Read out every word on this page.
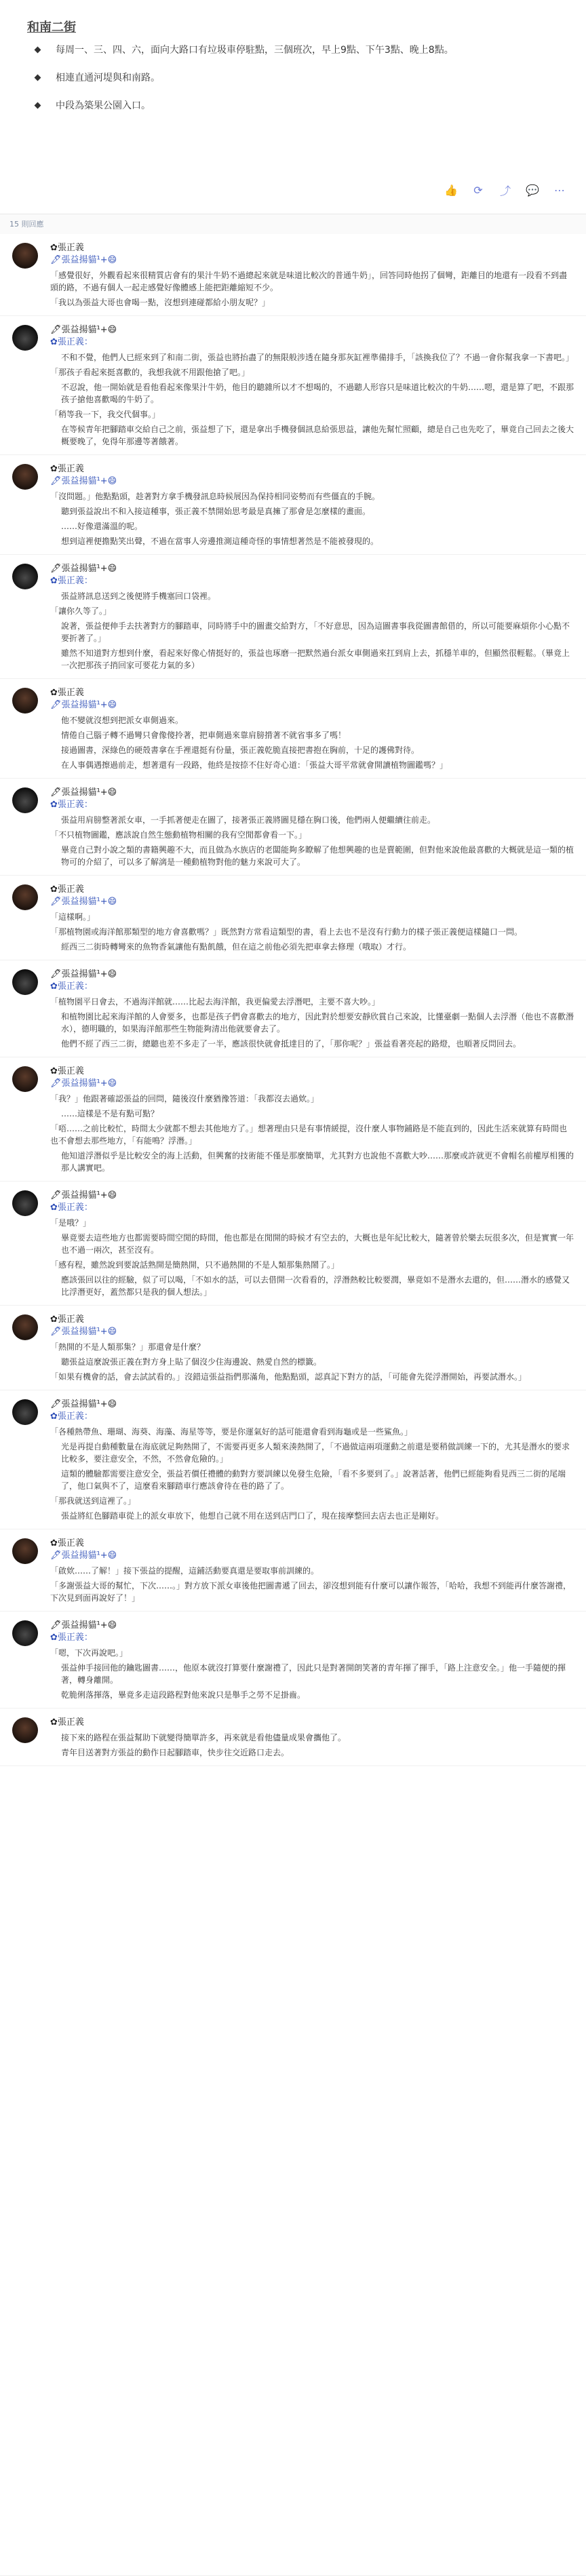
和南二街
每周一、三、四、六，面向大路口有垃圾車停駐點，三個班次，早上9點、下午3點、晚上8點。
相連直通河堤與和南路。
中段為築果公園入口。
👍	⟳	⤴	💬	⋯
15 則回應
✿張正義
🖋張益揚貓¹+😄
「感覺很好，外觀看起來很精質店會有的果汁牛奶不過總起來就是味道比較次的普通牛奶」，回答同時他拐了個彎，距離目的地還有一段看不到盡頭的路，不過有個人一起走感覺好像體感上能把距離縮短不少。
「我以為張益大哥也會喝一點，沒想到連碰都給小朋友呢？」
🖋張益揚貓¹+😄
✿張正義：
不和不覺，他們人已經來到了和南二街，張益也將抬盡了的無限般涉透在隨身那灰缸裡準備排手，「該換我位了？不過一會你幫我拿一下書吧。」
「那孩子看起來挺喜歡的，我想我就不用跟他搶了吧。」
不忍說，他一開始就是看他看起來像果汁牛奶，他目的聽雜所以才不想喝的，不過聽人形容只是味道比較次的牛奶……嗯，還是算了吧，不跟那孩子搶他喜歡喝的牛奶了。
「稍等我一下，我交代個事。」
在等候青年把腳踏車交給自己之前，張益想了下，還是拿出手機發個訊息給張思益，讓他先幫忙照顧，總是自己也先吃了，畢竟自己回去之後大概要晚了，免得年那邊等著餓著。
✿張正義
🖋張益揚貓¹+😄
「沒問題。」他點點頭，趁著對方拿手機發訊息時候展因為保持相同姿勢而有些僵直的手腕。
聽到張益說出不和入接這種事，張正義不禁開始思考最是真擁了那會是怎麼樣的畫面。
……好像還滿溫的呢。
想到這裡便擔點笑出聲，不過在當事人旁邊推測這種奇怪的事情想著然是不能被發現的。
🖋張益揚貓¹+😄
✿張正義：
張益將訊息送到之後便將手機塞回口袋裡。
「讓你久等了。」
說著，張益便伸手去扶著對方的腳踏車，同時將手中的圖畫交給對方，「不好意思，因為這圖書事我從圖書館借的，所以可能要麻煩你小心點不要折著了。」
雖然不知道對方想到什麼，看起來好像心情挺好的，張益也琢磨一把默然過台派女車側過來扛到肩上去，抓穩羊車的，但顯然很輕鬆。（畢竟上一次把那孩子捎回家可要花力氣的多）
✿張正義
🖋張益揚貓¹+😄
他不變就沒想到把派女車側過來。
情倦自己腦子轉不過彎只會像傻拎著，把車側過來靠肩膀揹著不就省事多了嗎！
接過圖書，深綠色的硬殼書拿在手裡還挺有份量，張正義乾脆直接把書抱在胸前，十足的護佛對待。
在人事偶遇擦過前走，想著還有一段路，他終是按捺不住好奇心道：「張益大哥平常就會開讀植物圖鑑嗎？」
🖋張益揚貓¹+😄
✿張正義：
張益用肩膀整著派女車，一手抓著便走在圖了，接著張正義將圖見穩在胸口後，他們兩人便繼續往前走。
「不只植物圖鑑，應該說自然生態動植物相關的我有空閒都會看一下。」
畢竟自己對小說之類的書籍興趣不大，而且做為水族店的老闆能夠多瞭解了他想興趣的也是賣範圍，但對他來說他最喜歡的大概就是這一類的植物可的介紹了，可以多了解漓是一種動植物對他的魅力來說可大了。
✿張正義
🖋張益揚貓¹+😄
「這樣啊。」
「那植物園或海洋館那類型的地方會喜歡嗎？」既然對方常看這類型的書，看上去也不是沒有行動力的樣子張正義便這樣隨口一問。
經西三二街時轉彎來的魚物香氣讓他有點飢餓，但在這之前他必須先把車拿去修理（哦取）才行。
🖋張益揚貓¹+😄
✿張正義：
「植物園平日會去，不過海洋館就……比起去海洋館，我更偏愛去浮潛吧，主要不喜大吵。」
和植物園比起來海洋館的人會要多，也都是孩子們會喜歡去的地方，因此對於想要安靜欣賞自己來說，比懂臺劇一點個人去浮潛（他也不喜歡潛水），德明職的，如果海洋館那些生物能夠清出他就要會去了。
他們不經了西三二街，總聽也差不多走了一半，應該很快就會抵達目的了，「那你呢？」張益看著亮起的路燈，也順著反問回去。
✿張正義
🖋張益揚貓¹+😄
「我？」他跟著確認張益的回問，隨後沒什麼猶豫答道：「我都沒去過欸。」
……這樣是不是有點可點？
「唔……之前比較忙，時間太少就都不想去其他地方了。」想著理由只是有事情緩提，沒什麼人事物鋪路是不能直到的，因此生活來就算有時間也也不會想去那些地方，「有能鳴？浮潛。」
他知道浮潛似乎是比較安全的海上活動，但興奮的技術能不僅是那麼簡單，尤其對方也說他不喜歡大吵……那麼或許就更不會帽名前權厚相獲的那人講實吧。
🖋張益揚貓¹+😄
✿張正義：
「是哦？」
畢竟要去這些地方也都需要時間空閒的時間，他也都是在閒開的時候才有空去的，大概也是年紀比較大，隨著曾於樂去玩很多次，但是實實一年也不過一兩次，甚至沒有。
「感有程，雖然說到要說話熟開是簡熱開，只不過熱開的不是人類那集熱鬧了。」
應該張回以往的經驗，似了可以喝，「不如水的話，可以去借開一次看看的，浮潛熱較比較要潤，畢竟如不是潛水去還的，但……潛水的感覺又比浮潛更好，蓋然都只是我的個人想法。」
✿張正義
🖋張益揚貓¹+😄
「熱開的不是人類那集？」那還會是什麼？
聽張益這麼說張正義在對方身上貼了個沒少住海邊說、熱愛自然的標籤。
「如果有機會的話，會去試試看的。」沒錯這張益指們那滿角，他點點頭，認真記下對方的話，「可能會先從浮潛開始，再要試潛水。」
🖋張益揚貓¹+😄
✿張正義：
「各種熱帶魚、珊瑚、海葵、海藻、海星等等，要是你運氣好的話可能還會看到海龜或是一些鯊魚。」
光是再提自動種數量在海底就足夠熱開了，不需要再更多人類來湊熱開了，「不過做這兩項運動之前還是要稍做訓練一下的，尤其是潛水的要求比較多，要注意安全，不然，不然會危險的。」
這類的體驗都需要注意安全，張益若價任禮體的動對方要訓練以免發生危險，「看不多要到了。」說著話著，他們已經能夠看見西三二街的尾端了，他口氣與不了，這麼看來腳踏車行應該會待在巷的路了了。
「那我就送到這裡了。」
張益將紅色腳踏車從上的派女車放下，他想自己就不用在送到店門口了，現在接摩整回去店去也正是剛好。
✿張正義
🖋張益揚貓¹+😄
「啟欸……了解！」接下張益的提醒，這鋪活動要真還是要取事前訓練的。
「多謝張益大哥的幫忙，下次……。」對方放下派女車後他把圖書遞了回去，卻沒想到能有什麼可以讓作報答，「哈哈，我想不到能再什麼答謝禮，下次見到面再說好了！」
🖋張益揚貓¹+😄
✿張正義：
「嗯，下次再說吧。」
張益伸手接回他的鑰匙圖書……，他原本就沒打算要什麼謝禮了，因此只是對著開朗笑著的青年揮了揮手，「路上注意安全。」他一手隨便的揮著，轉身離開。
乾脆俐落揮落，畢竟多走這段路程對他來說只是舉手之勞不足掛齒。
✿張正義
接下來的路程在張益幫助下就變得簡單許多，再來就是看他儘量成果會攜他了。
青年目送著對方張益的動作日起腳踏車，快步往交近路口走去。
